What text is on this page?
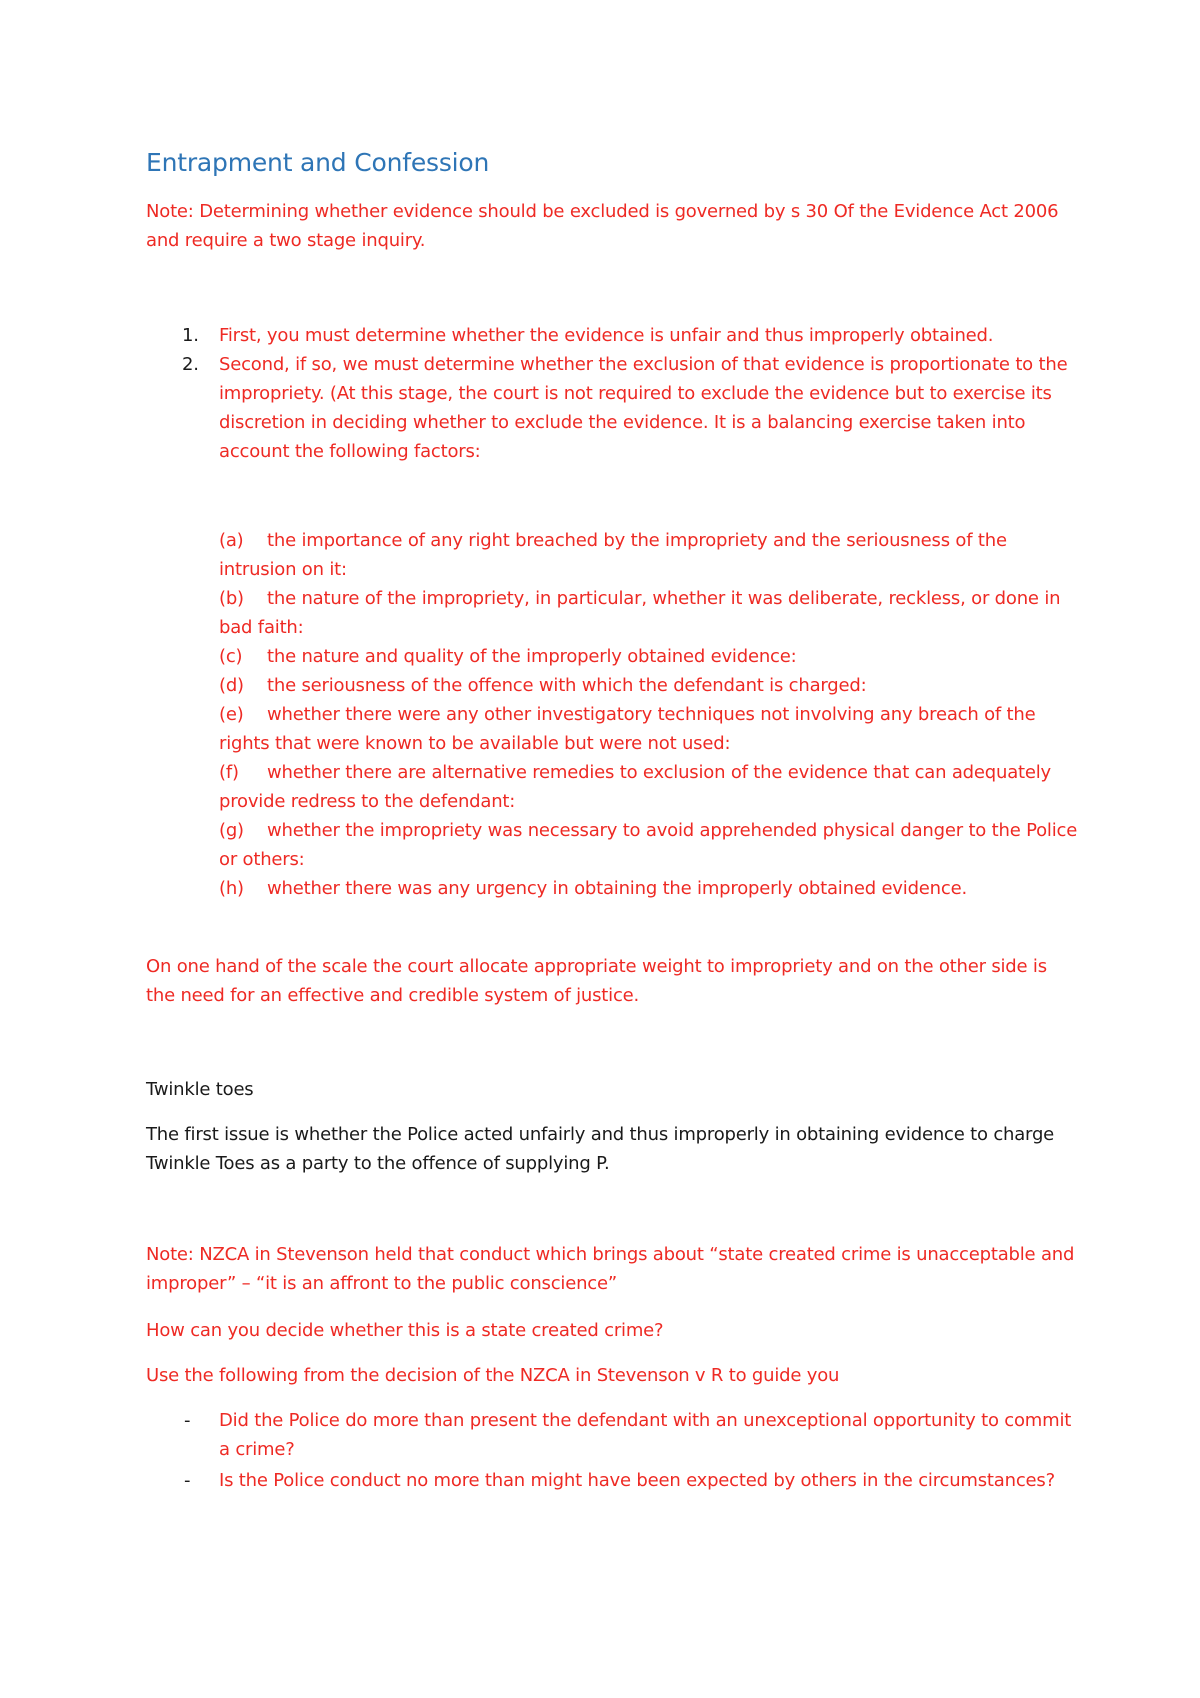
Entrapment and Confession

Note: Determining whether evidence should be excluded is governed by s 30 Of the Evidence Act 2006 and require a two stage inquiry.

1. First, you must determine whether the evidence is unfair and thus improperly obtained.
2. Second, if so, we must determine whether the exclusion of that evidence is proportionate to the impropriety. (At this stage, the court is not required to exclude the evidence but to exercise its discretion in deciding whether to exclude the evidence. It is a balancing exercise taken into account the following factors:
(a) the importance of any right breached by the impropriety and the seriousness of the intrusion on it:
(b) the nature of the impropriety, in particular, whether it was deliberate, reckless, or done in bad faith:
(c) the nature and quality of the improperly obtained evidence:
(d) the seriousness of the offence with which the defendant is charged:
(e) whether there were any other investigatory techniques not involving any breach of the rights that were known to be available but were not used:
(f) whether there are alternative remedies to exclusion of the evidence that can adequately provide redress to the defendant:
(g) whether the impropriety was necessary to avoid apprehended physical danger to the Police or others:
(h) whether there was any urgency in obtaining the improperly obtained evidence.

On one hand of the scale the court allocate appropriate weight to impropriety and on the other side is the need for an effective and credible system of justice.

Twinkle toes

The first issue is whether the Police acted unfairly and thus improperly in obtaining evidence to charge Twinkle Toes as a party to the offence of supplying P.

Note: NZCA in Stevenson held that conduct which brings about “state created crime is unacceptable and improper” – “it is an affront to the public conscience”

How can you decide whether this is a state created crime?

Use the following from the decision of the NZCA in Stevenson v R to guide you

- Did the Police do more than present the defendant with an unexceptional opportunity to commit a crime?
- Is the Police conduct no more than might have been expected by others in the circumstances?
